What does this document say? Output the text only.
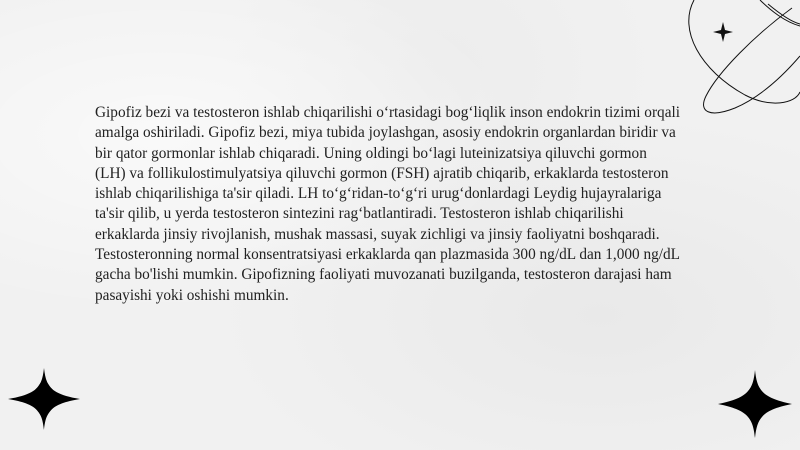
Gipofiz bezi va testosteron ishlab chiqarilishi o‘rtasidagi bog‘liqlik inson endokrin tizimi orqali amalga oshiriladi. Gipofiz bezi, miya tubida joylashgan, asosiy endokrin organlardan biridir va bir qator gormonlar ishlab chiqaradi. Uning oldingi bo‘lagi luteinizatsiya qiluvchi gormon (LH) va follikulostimulyatsiya qiluvchi gormon (FSH) ajratib chiqarib, erkaklarda testosteron ishlab chiqarilishiga ta'sir qiladi. LH to‘g‘ridan-to‘g‘ri urug‘donlardagi Leydig hujayralariga ta'sir qilib, u yerda testosteron sintezini rag‘batlantiradi. Testosteron ishlab chiqarilishi erkaklarda jinsiy rivojlanish, mushak massasi, suyak zichligi va jinsiy faoliyatni boshqaradi. Testosteronning normal konsentratsiyasi erkaklarda qan plazmasida 300 ng/dL dan 1,000 ng/dL gacha bo'lishi mumkin. Gipofizning faoliyati muvozanati buzilganda, testosteron darajasi ham pasayishi yoki oshishi mumkin.
